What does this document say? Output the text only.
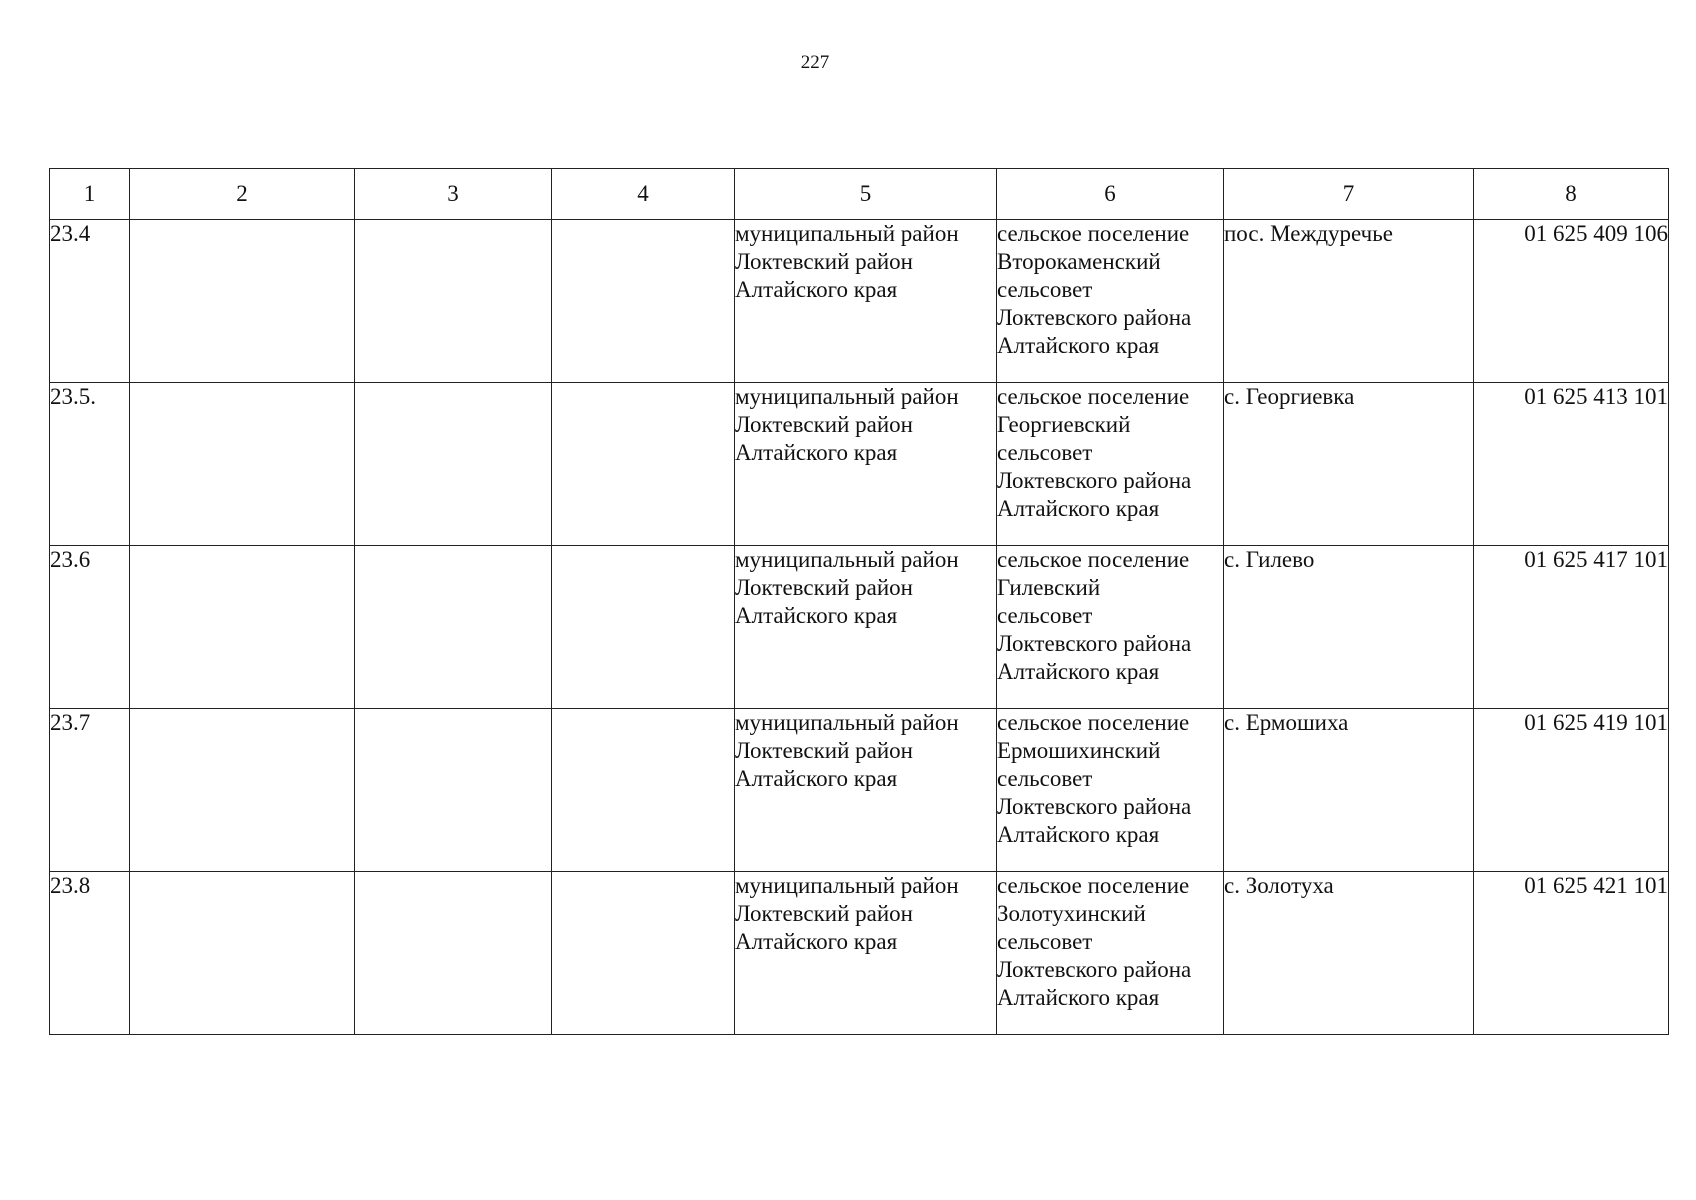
227
1	2	3	4	5	6	7	8
23.4				муниципальный район
Локтевский район
Алтайского края	сельское поселение
Второкаменский
сельсовет
Локтевского района
Алтайского края	пос. Междуречье	01 625 409 106
23.5.				муниципальный район
Локтевский район
Алтайского края	сельское поселение
Георгиевский
сельсовет
Локтевского района
Алтайского края	с. Георгиевка	01 625 413 101
23.6				муниципальный район
Локтевский район
Алтайского края	сельское поселение
Гилевский
сельсовет
Локтевского района
Алтайского края	с. Гилево	01 625 417 101
23.7				муниципальный район
Локтевский район
Алтайского края	сельское поселение
Ермошихинский
сельсовет
Локтевского района
Алтайского края	с. Ермошиха	01 625 419 101
23.8				муниципальный район
Локтевский район
Алтайского края	сельское поселение
Золотухинский
сельсовет
Локтевского района
Алтайского края	с. Золотуха	01 625 421 101
